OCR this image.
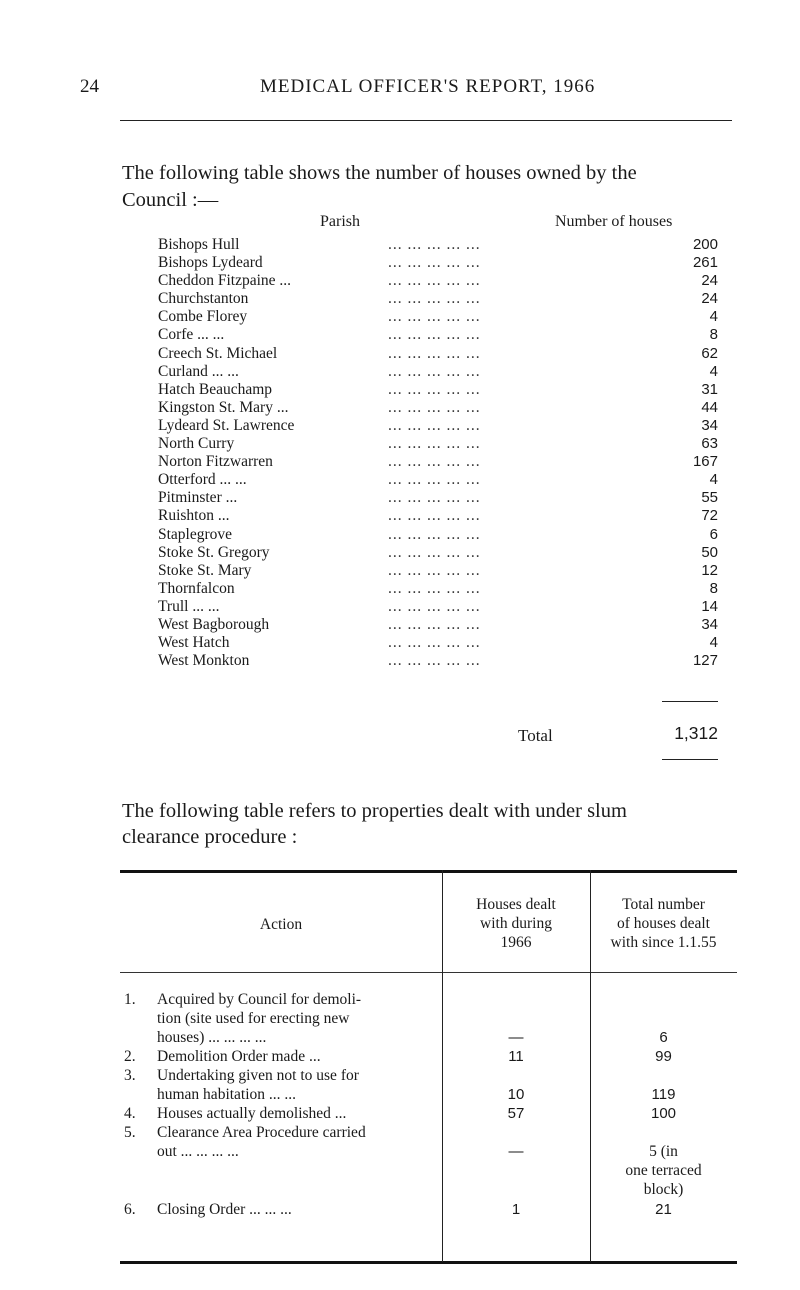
24	MEDICAL OFFICER'S REPORT, 1966
The following table shows the number of houses owned by the
Council :—
Parish	Number of houses
Bishops Hull	... ... ... ... ...	200
Bishops Lydeard	... ... ... ... ...	261
Cheddon Fitzpaine ...	... ... ... ... ...	24
Churchstanton	... ... ... ... ...	24
Combe Florey	... ... ... ... ...	4
Corfe ... ...	... ... ... ... ...	8
Creech St. Michael	... ... ... ... ...	62
Curland ... ...	... ... ... ... ...	4
Hatch Beauchamp	... ... ... ... ...	31
Kingston St. Mary ...	... ... ... ... ...	44
Lydeard St. Lawrence	... ... ... ... ...	34
North Curry	... ... ... ... ...	63
Norton Fitzwarren	... ... ... ... ...	167
Otterford ... ...	... ... ... ... ...	4
Pitminster ...	... ... ... ... ...	55
Ruishton ...	... ... ... ... ...	72
Staplegrove	... ... ... ... ...	6
Stoke St. Gregory	... ... ... ... ...	50
Stoke St. Mary	... ... ... ... ...	12
Thornfalcon	... ... ... ... ...	8
Trull ... ...	... ... ... ... ...	14
West Bagborough	... ... ... ... ...	34
West Hatch	... ... ... ... ...	4
West Monkton	... ... ... ... ...	127
Total	1,312
The following table refers to properties dealt with under slum
clearance procedure :
Action
Houses dealt
with during
1966
Total number
of houses dealt
with since 1.1.55
1.	Acquired by Council for demoli-
tion (site used for erecting new
houses) ... ... ... ...	—	6
2.	Demolition Order made ...	11	99
3.	Undertaking given not to use for
human habitation ... ...	10	119
4.	Houses actually demolished ...	57	100
5.	Clearance Area Procedure carried
out ... ... ... ...	—	5 (in
one terraced
block)
6.	Closing Order ... ... ...	1	21
